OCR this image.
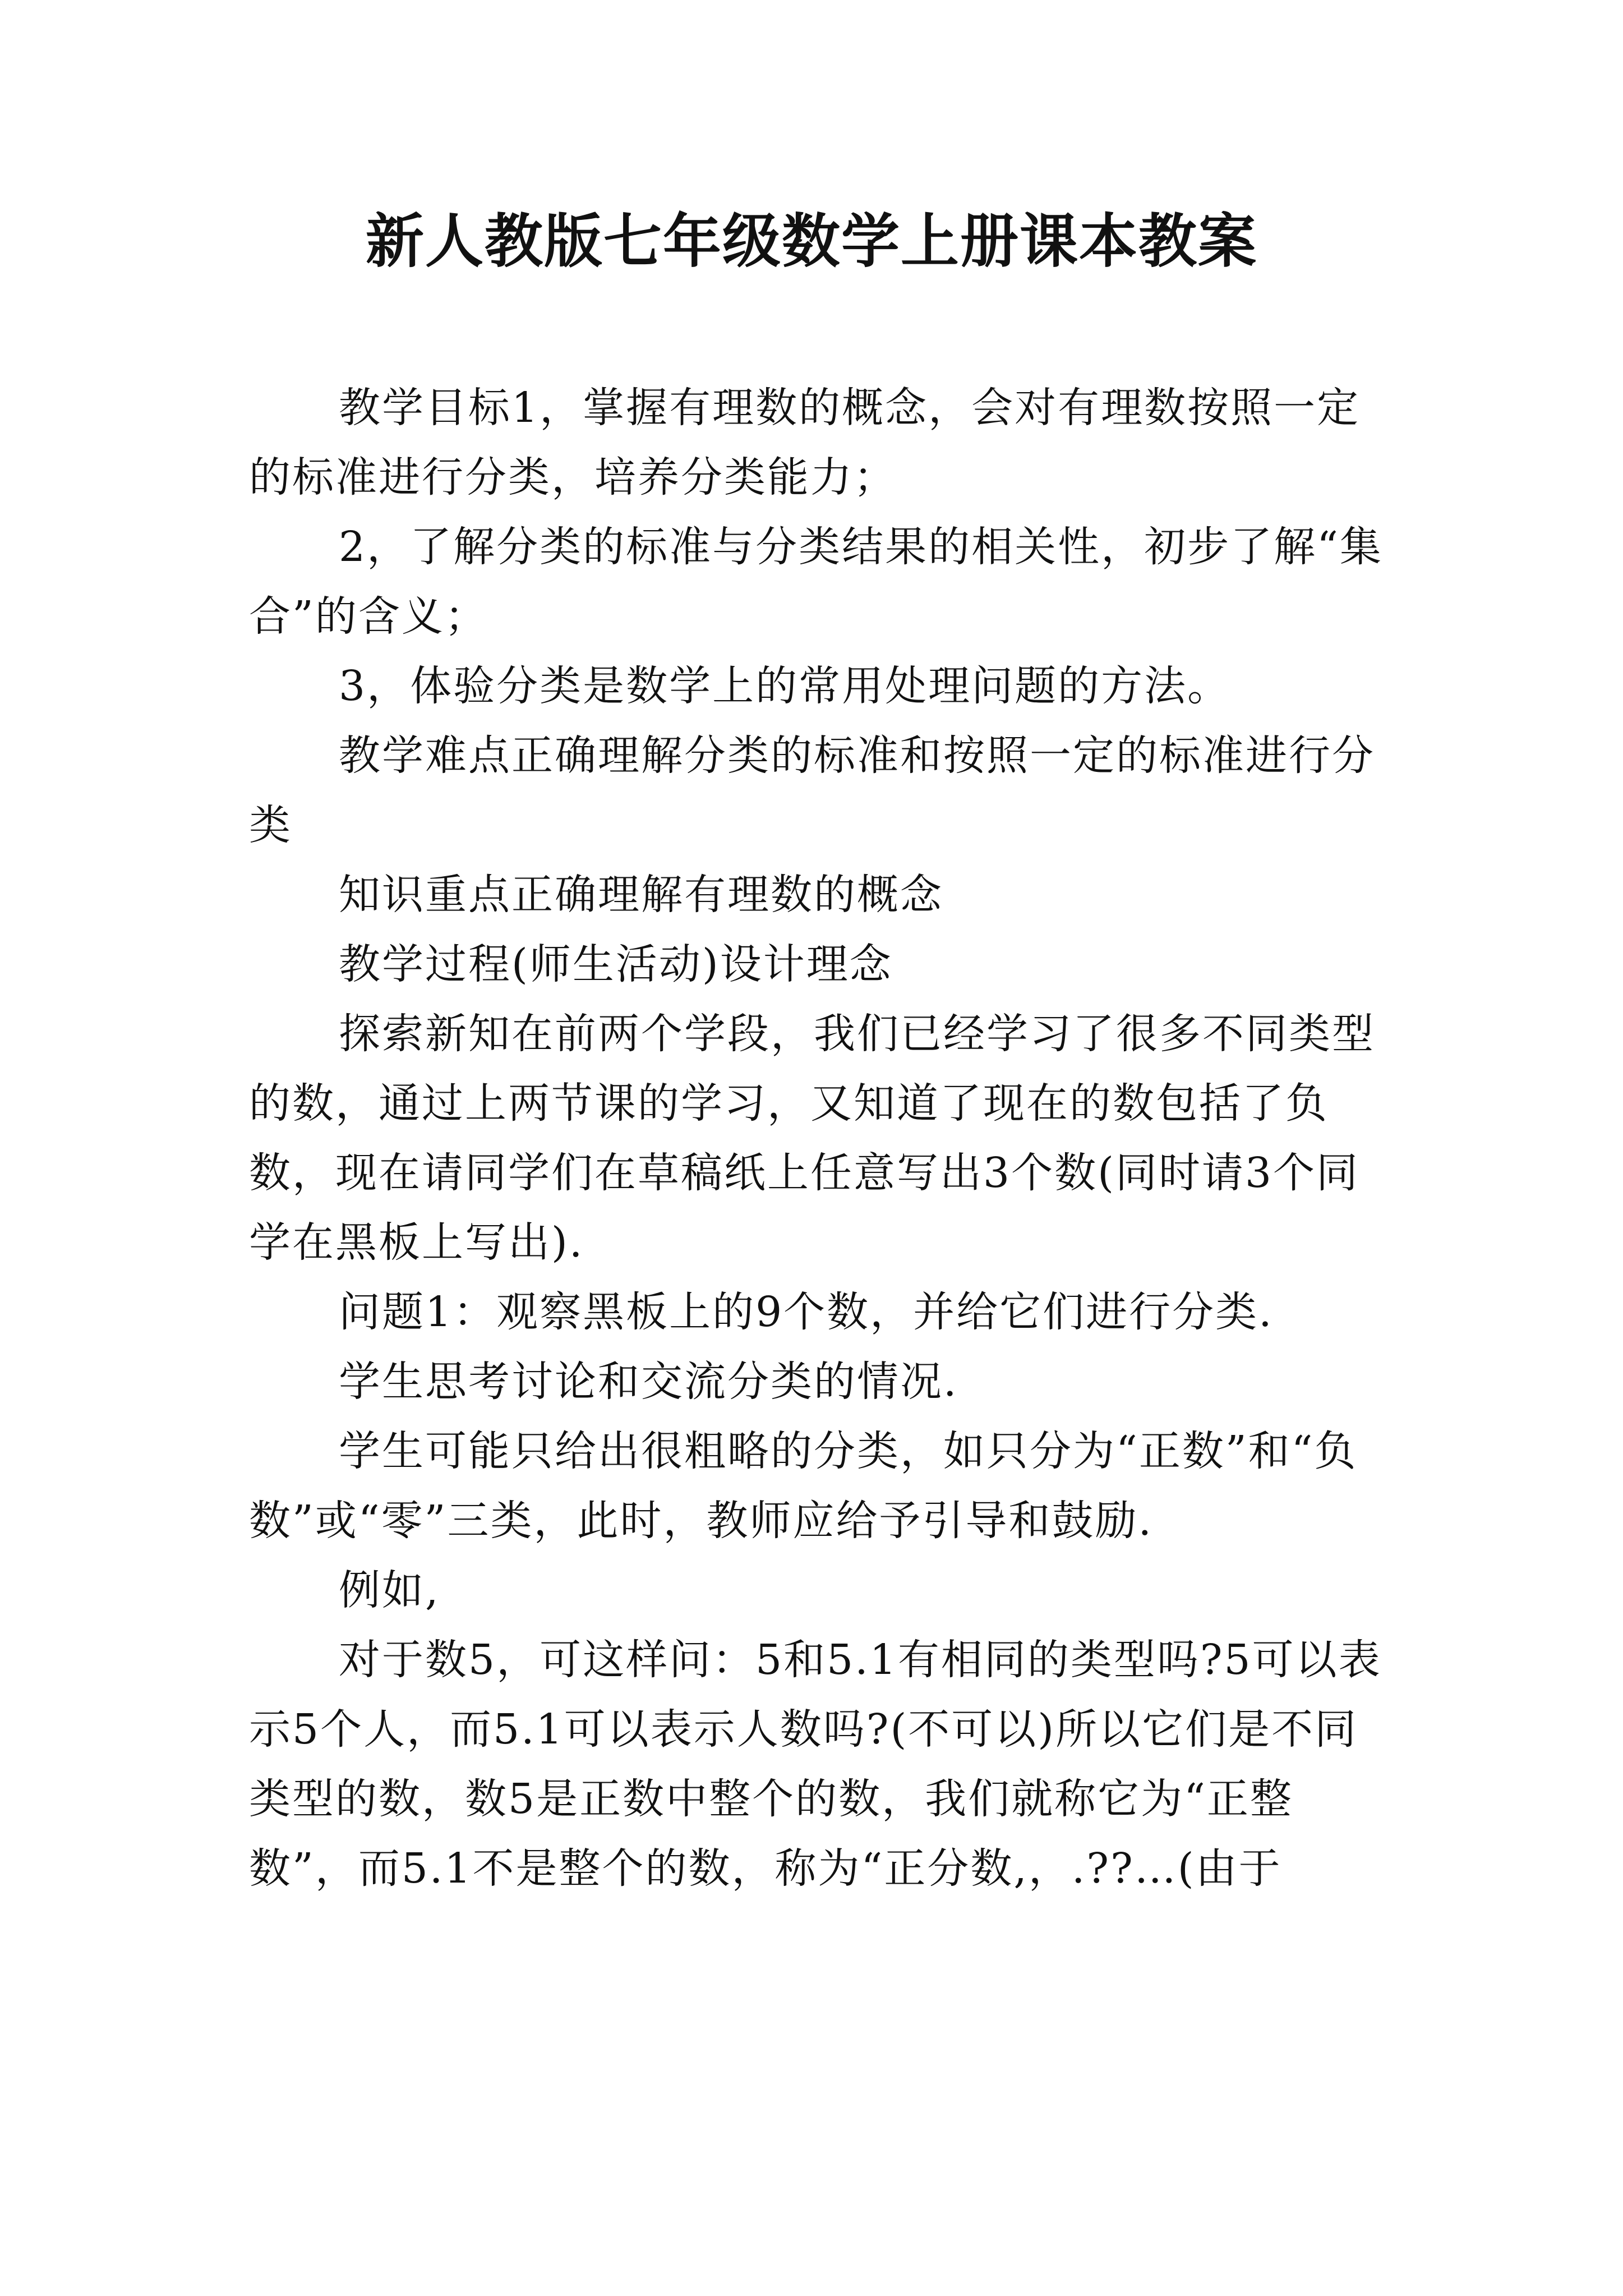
新人教版七年级数学上册课本教案

教学目标1，掌握有理数的概念，会对有理数按照一定的标准进行分类，培养分类能力；

2，了解分类的标准与分类结果的相关性，初步了解“集合”的含义；

3，体验分类是数学上的常用处理问题的方法。

教学难点正确理解分类的标准和按照一定的标准进行分类

知识重点正确理解有理数的概念

教学过程(师生活动)设计理念

探索新知在前两个学段，我们已经学习了很多不同类型的数，通过上两节课的学习，又知道了现在的数包括了负数，现在请同学们在草稿纸上任意写出3个数(同时请3个同学在黑板上写出).

问题1：观察黑板上的9个数，并给它们进行分类.

学生思考讨论和交流分类的情况.

学生可能只给出很粗略的分类，如只分为“正数”和“负数”或“零”三类，此时，教师应给予引导和鼓励.

例如,

对于数5，可这样问：5和5.1有相同的类型吗?5可以表示5个人，而5.1可以表示人数吗?(不可以)所以它们是不同类型的数，数5是正数中整个的数，我们就称它为“正整数”，而5.1不是整个的数，称为“正分数,，.??…(由于
